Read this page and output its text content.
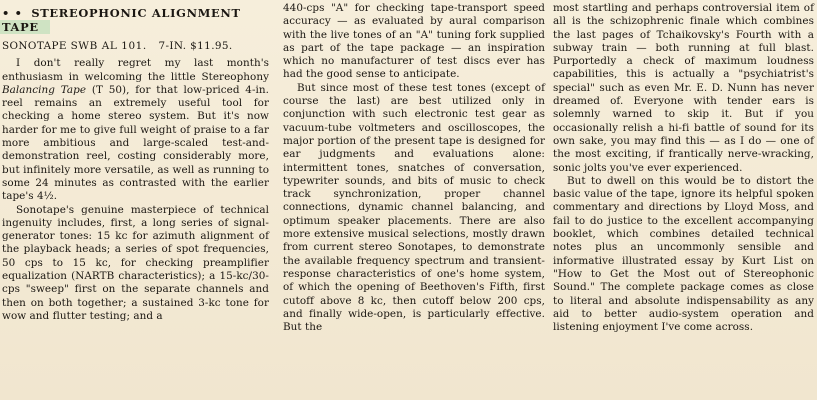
• • STEREOPHONIC ALIGNMENT
TAPE
SONOTAPE SWB AL 101. 7-IN. $11.95.

I don't really regret my last month's enthusiasm in welcoming the little Stereophony Balancing Tape (T 50), for that low-priced 4-in. reel remains an extremely useful tool for checking a home stereo system. But it's now harder for me to give full weight of praise to a far more ambitious and large-scaled test-and-demonstration reel, costing considerably more, but infinitely more versatile, as well as running to some 24 minutes as contrasted with the earlier tape's 4½.

Sonotape's genuine masterpiece of technical ingenuity includes, first, a long series of signal-generator tones: 15 kc for azimuth alignment of the playback heads; a series of spot frequencies, 50 cps to 15 kc, for checking preamplifier equalization (NARTB characteristics); a 15-kc/30-cps "sweep" first on the separate channels and then on both together; a sustained 3-kc tone for wow and flutter testing; and a

440-cps "A" for checking tape-transport speed accuracy — as evaluated by aural comparison with the live tones of an "A" tuning fork supplied as part of the tape package — an inspiration which no manufacturer of test discs ever has had the good sense to anticipate.

But since most of these test tones (except of course the last) are best utilized only in conjunction with such electronic test gear as vacuum-tube voltmeters and oscilloscopes, the major portion of the present tape is designed for ear judgments and evaluations alone: intermittent tones, snatches of conversation, typewriter sounds, and bits of music to check track synchronization, proper channel connections, dynamic channel balancing, and optimum speaker placements. There are also more extensive musical selections, mostly drawn from current stereo Sonotapes, to demonstrate the available frequency spectrum and transient-response characteristics of one's home system, of which the opening of Beethoven's Fifth, first cutoff above 8 kc, then cutoff below 200 cps, and finally wide-open, is particularly effective. But the

most startling and perhaps controversial item of all is the schizophrenic finale which combines the last pages of Tchaikovsky's Fourth with a subway train — both running at full blast. Purportedly a check of maximum loudness capabilities, this is actually a "psychiatrist's special" such as even Mr. E. D. Nunn has never dreamed of. Everyone with tender ears is solemnly warned to skip it. But if you occasionally relish a hi-fi battle of sound for its own sake, you may find this — as I do — one of the most exciting, if frantically nerve-wracking, sonic jolts you've ever experienced.

But to dwell on this would be to distort the basic value of the tape, ignore its helpful spoken commentary and directions by Lloyd Moss, and fail to do justice to the excellent accompanying booklet, which combines detailed technical notes plus an uncommonly sensible and informative illustrated essay by Kurt List on "How to Get the Most out of Stereophonic Sound." The complete package comes as close to literal and absolute indispensability as any aid to better audio-system operation and listening enjoyment I've come across.
